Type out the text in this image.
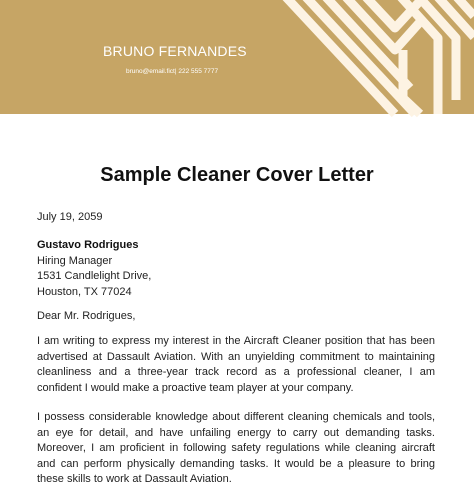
BRUNO FERNANDES
bruno@email.fict| 222 555 7777
Sample Cleaner Cover Letter
July 19, 2059
Gustavo Rodrigues
Hiring Manager
1531 Candlelight Drive,
Houston, TX 77024
Dear Mr. Rodrigues,
I am writing to express my interest in the Aircraft Cleaner position that has been advertised at Dassault Aviation. With an unyielding commitment to maintaining cleanliness and a three-year track record as a professional cleaner, I am confident I would make a proactive team player at your company.
I possess considerable knowledge about different cleaning chemicals and tools, an eye for detail, and have unfailing energy to carry out demanding tasks. Moreover, I am proficient in following safety regulations while cleaning aircraft and can perform physically demanding tasks. It would be a pleasure to bring these skills to work at Dassault Aviation.
